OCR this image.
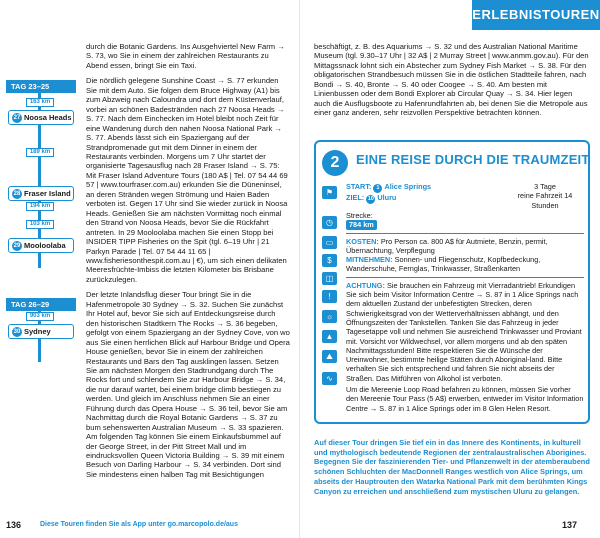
TAG 23–25
163 km
27 Noosa Heads
189 km
28 Fraser Island
194 km
103 km
29 Mooloolaba
TAG 26–29
903 km
30 Sydney

durch die Botanic Gardens. Ins Ausgehviertel New Farm → S. 73, wo Sie in einem der zahlreichen Restaurants zu Abend essen, bringt Sie ein Taxi.

Die nördlich gelegene Sunshine Coast → S. 77 erkunden Sie mit dem Auto. Sie folgen dem Bruce Highway (A1) bis zum Abzweig nach Caloundra und dort dem Küstenverlauf, vorbei an schönen Badestränden nach 27 Noosa Heads → S. 77. Nach dem Einchecken im Hotel bleibt noch Zeit für eine Wanderung durch den nahen Noosa National Park → S. 77. Abends lässt sich ein Spaziergang auf der Strandpromenade gut mit dem Dinner in einem der Restaurants verbinden. Morgens um 7 Uhr startet der organisierte Tagesausflug nach 28 Fraser Island → S. 75: Mit Fraser Island Adventure Tours (180 A$ | Tel. 07 54 44 69 57 | www.tourfraser.com.au) erkunden Sie die Düneninsel, an deren Stränden wegen Strömung und Haien Baden verboten ist. Gegen 17 Uhr sind Sie wieder zurück in Noosa Heads. Genießen Sie am nächsten Vormittag noch einmal den Strand von Noosa Heads, bevor Sie die Rückfahrt antreten. In 29 Mooloolaba machen Sie einen Stopp bei INSIDER TIPP Fisheries on the Spit (tgl. 6–19 Uhr | 21 Parkyn Parade | Tel. 07 54 44 11 65 | www.fisheriesonthespit.com.au | €), um sich einen delikaten Meeresfrüchte-Imbiss die letzten Kilometer bis Brisbane zurückzulegen.

Der letzte Inlandsflug dieser Tour bringt Sie in die Hafenmetropole 30 Sydney → S. 32. Suchen Sie zunächst Ihr Hotel auf, bevor Sie sich auf Entdeckungsreise durch den historischen Stadtkern The Rocks → S. 36 begeben, gefolgt von einem Spaziergang an der Sydney Cove, von wo aus Sie einen herrlichen Blick auf Harbour Bridge und Opera House genießen, bevor Sie in einem der zahlreichen Restaurants und Bars den Tag ausklingen lassen. Setzen Sie am nächsten Morgen den Stadtrundgang durch The Rocks fort und schlendern Sie zur Harbour Bridge → S. 34, die nur darauf wartet, bei einem bridge climb bestiegen zu werden. Und gleich im Anschluss nehmen Sie an einer Führung durch das Opera House → S. 36 teil, bevor Sie am Nachmittag durch die Royal Botanic Gardens → S. 37 zu bum sehenswerten Australian Museum → S. 33 spazieren. Am folgenden Tag können Sie einem Einkaufsbummel auf der George Street, in der Pitt Street Mall und im eindrucksvollen Queen Victoria Building → S. 39 mit einem Besuch von Darling Harbour → S. 34 verbinden. Dort sind Sie mindestens einen halben Tag mit Besichtigungen

136	Diese Touren finden Sie als App unter go.marcopolo.de/aus
ERLEBNISTOUREN

beschäftigt, z. B. des Aquariums → S. 32 und des Australian National Maritime Museum (tgl. 9.30–17 Uhr | 32 A$ | 2 Murray Street | www.anmm.gov.au). Für den Mittagssnack lohnt sich ein Abstecher zum Sydney Fish Market → S. 38. Für den obligatorischen Strandbesuch müssen Sie in die östlichen Stadtteile fahren, nach Bondi → S. 40, Bronte → S. 40 oder Coogee → S. 40. Am besten mit Linienbussen oder dem Bondi Explorer ab Circular Quay → S. 34. Hier legen auch die Ausflugsboote zu Hafenrundfahrten ab, bei denen Sie die Metropole aus einer ganz anderen, sehr reizvollen Perspektive betrachten können.

2	EINE REISE DURCH DIE TRAUMZEIT
⚑
◷
▭
$
◫
!
☼
▲
⛰
∿
START: 1 Alice Springs
ZIEL: 10 Uluru
3 Tage
reine Fahrzeit 14 Stunden
Strecke:
784 km
KOSTEN: Pro Person ca. 800 A$ für Autmiete, Benzin, permit, Übernachtung, Verpflegung
MITNEHMEN: Sonnen- und Fliegenschutz, Kopfbedeckung, Wanderschuhe, Fernglas, Trinkwasser, Straßenkarten
ACHTUNG: Sie brauchen ein Fahrzeug mit Vierradantrieb! Erkundigen Sie sich beim Visitor Information Centre → S. 87 in 1 Alice Springs nach dem aktuellen Zustand der unbefestigten Strecken, deren Schwierigkeitsgrad von der Wetterverhältnissen abhängt, und den Öffnungszeiten der Tankstellen. Tanken Sie das Fahrzeug in jeder Tagesetappe voll und nehmen Sie ausreichend Trinkwasser und Proviant mit. Vorsicht vor Wildwechsel, vor allem morgens und ab den späten Nachmittagsstunden! Bitte respektieren Sie die Wünsche der Ureinwohner, bestimmte heilige Stätten durch Aboriginal-land. Bitte verhalten Sie sich entsprechend und fahren Sie nicht abseits der Straßen. Das Mitführen von Alkohol ist verboten.
Um die Mereenie Loop Road befahren zu können, müssen Sie vorher den Mereenie Tour Pass (5 A$) erwerben, entweder im Visitor Information Centre → S. 87 in 1 Alice Springs oder im 8 Glen Helen Resort.
Auf dieser Tour dringen Sie tief ein in das Innere des Kontinents, in kulturell und mythologisch bedeutende Regionen der zentralaustralischen Aborigines. Begegnen Sie der faszinierenden Tier- und Pflanzenwelt in der atemberaubend schönen Schluchten der MacDonnell Ranges westlich von Alice Springs, um abseits der Hauptrouten den Watarka National Park mit dem berühmten Kings Canyon zu erreichen und anschließend zum mystischen Uluru zu gelangen.
137
